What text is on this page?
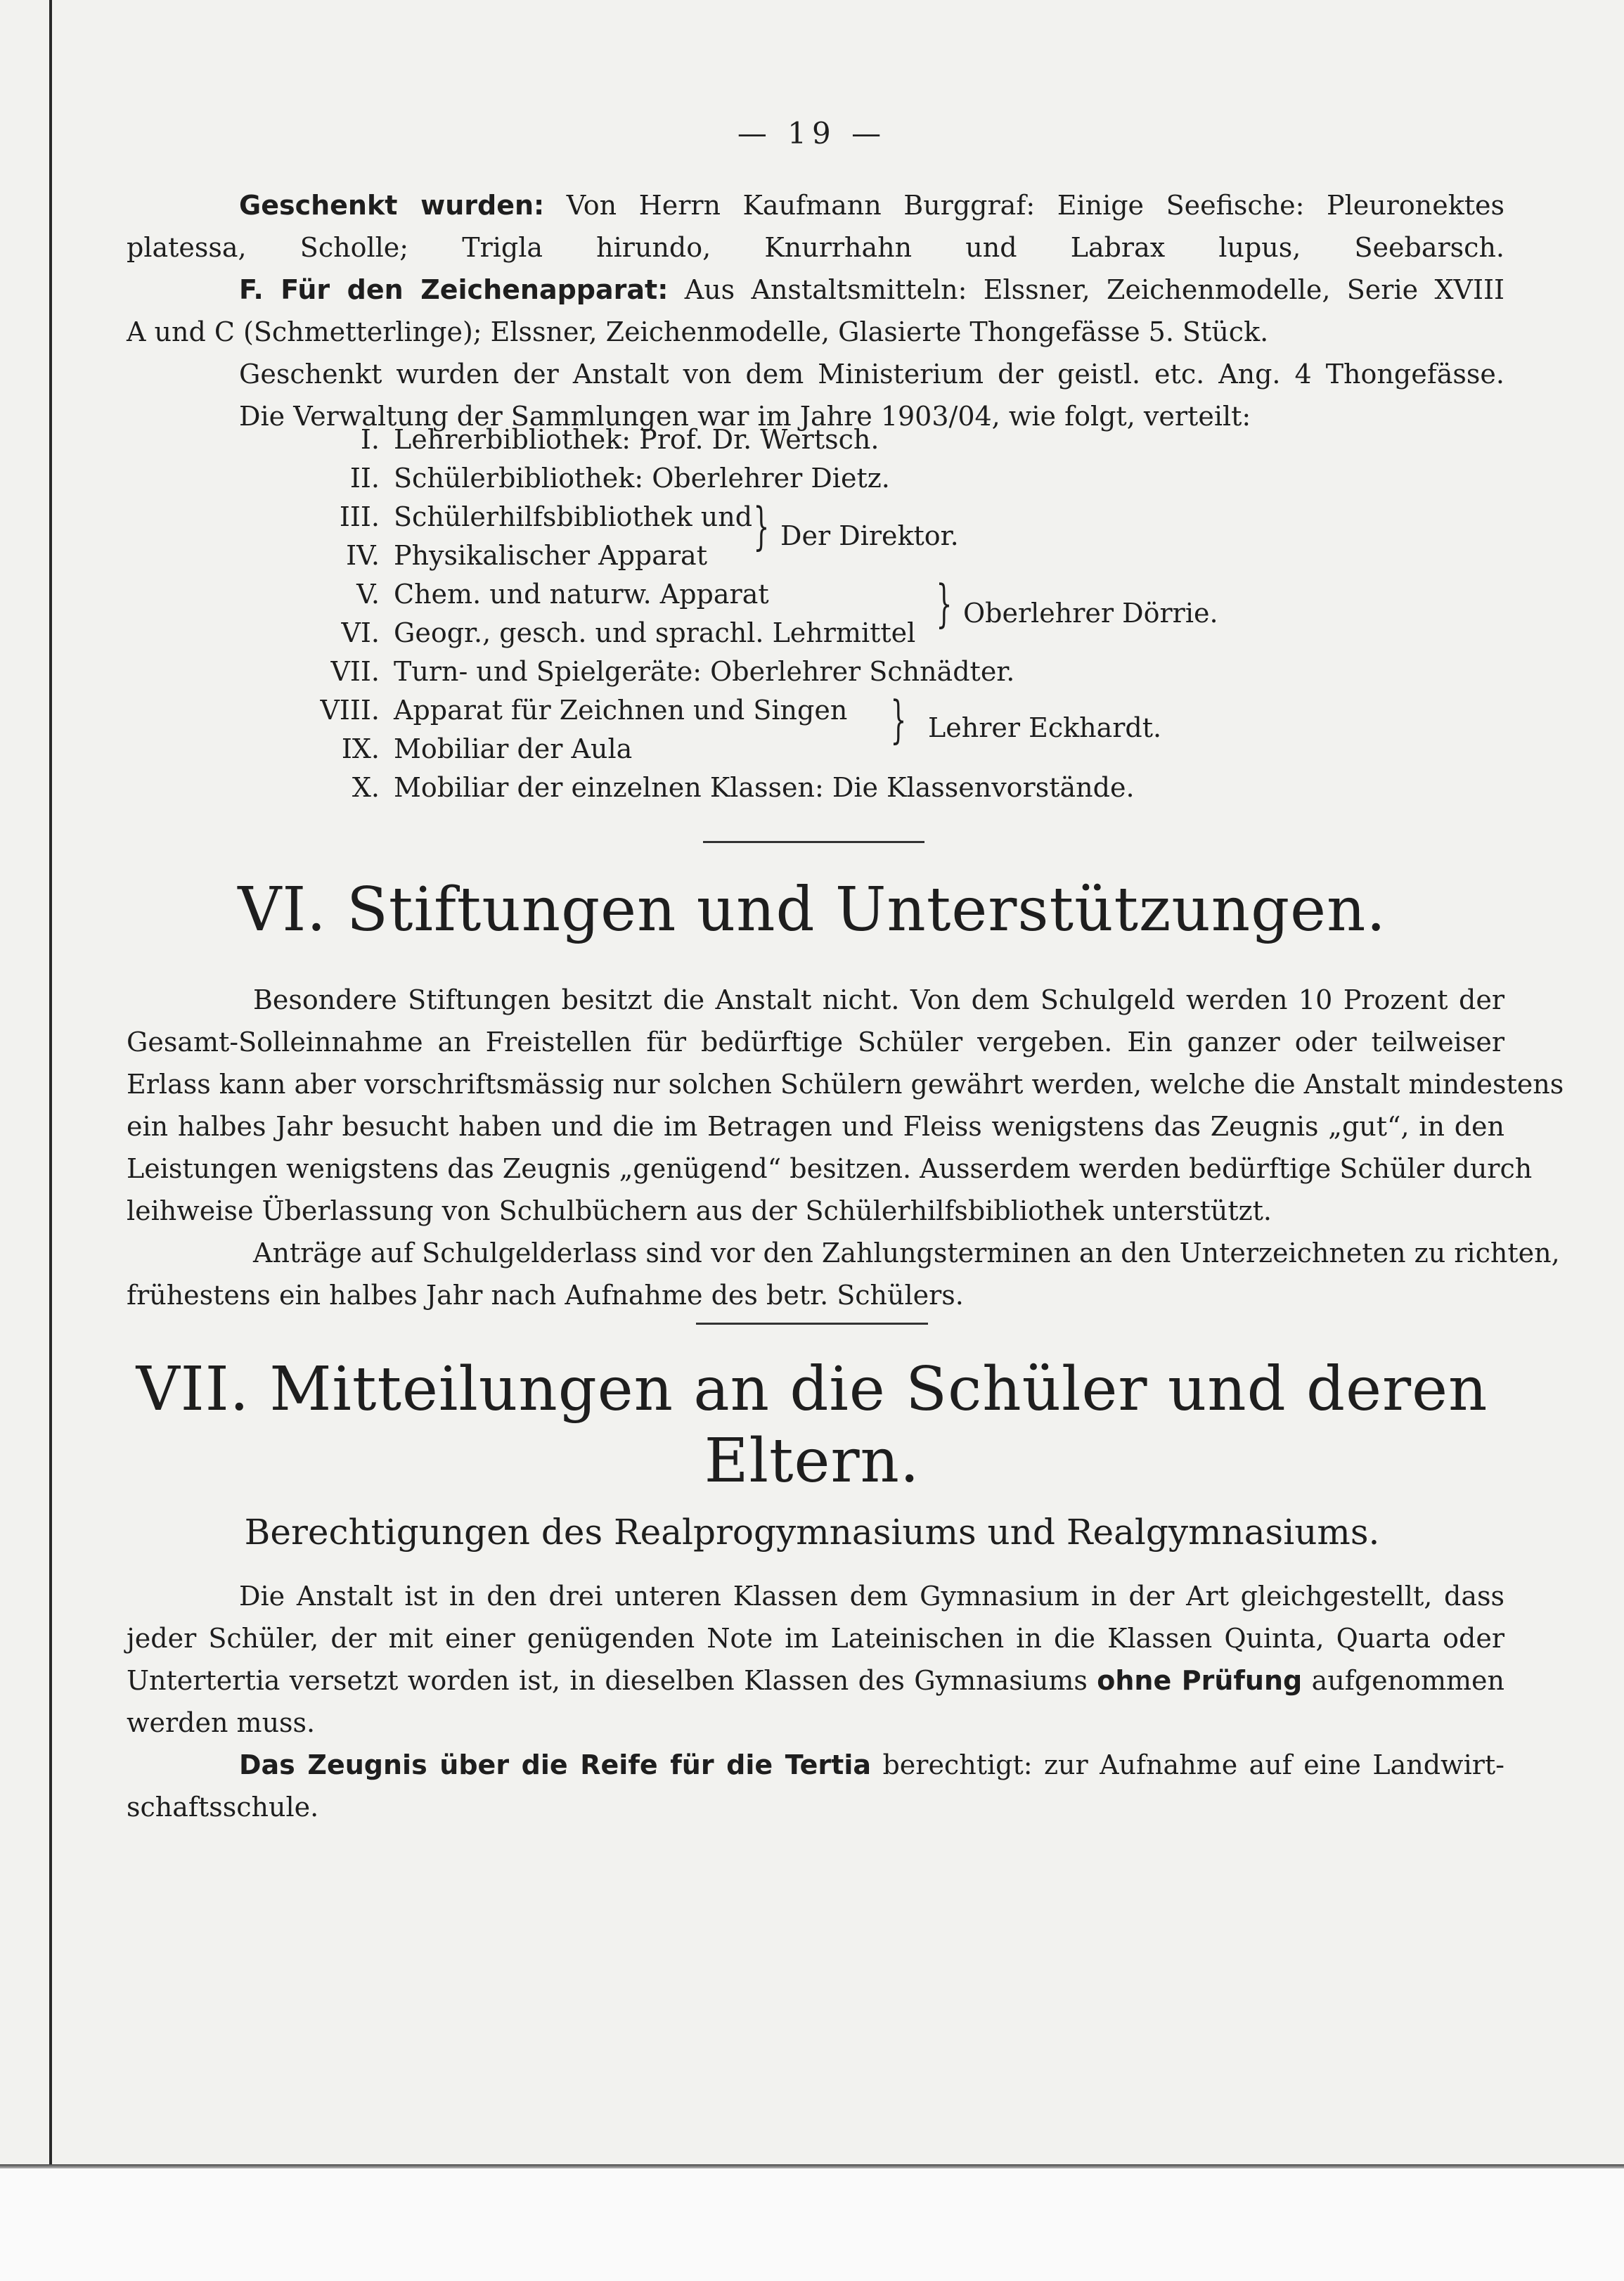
— 19 —
Geschenkt wurden: Von Herrn Kaufmann Burggraf: Einige Seefische: Pleuronektes
platessa, Scholle; Trigla hirundo, Knurrhahn und Labrax lupus, Seebarsch.
F. Für den Zeichenapparat: Aus Anstaltsmitteln: Elssner, Zeichenmodelle, Serie XVIII
A und C (Schmetterlinge); Elssner, Zeichenmodelle, Glasierte Thongefässe 5. Stück.
Geschenkt wurden der Anstalt von dem Ministerium der geistl. etc. Ang. 4 Thongefässe.
Die Verwaltung der Sammlungen war im Jahre 1903/04, wie folgt, verteilt:
I. Lehrerbibliothek: Prof. Dr. Wertsch.
II. Schülerbibliothek: Oberlehrer Dietz.
III. Schülerhilfsbibliothek und
IV. Physikalischer Apparat } Der Direktor.
V. Chem. und naturw. Apparat
VI. Geogr., gesch. und sprachl. Lehrmittel } Oberlehrer Dörrie.
VII. Turn- und Spielgeräte: Oberlehrer Schnädter.
VIII. Apparat für Zeichnen und Singen
IX. Mobiliar der Aula	} Lehrer Eckhardt.
X. Mobiliar der einzelnen Klassen: Die Klassenvorstände.
VI. Stiftungen und Unterstützungen.
Besondere Stiftungen besitzt die Anstalt nicht. Von dem Schulgeld werden 10 Prozent der
Gesamt-Solleinnahme an Freistellen für bedürftige Schüler vergeben. Ein ganzer oder teilweiser
Erlass kann aber vorschriftsmässig nur solchen Schülern gewährt werden, welche die Anstalt mindestens
ein halbes Jahr besucht haben und die im Betragen und Fleiss wenigstens das Zeugnis „gut“, in den
Leistungen wenigstens das Zeugnis „genügend“ besitzen. Ausserdem werden bedürftige Schüler durch
leihweise Überlassung von Schulbüchern aus der Schülerhilfsbibliothek unterstützt.
Anträge auf Schulgelderlass sind vor den Zahlungsterminen an den Unterzeichneten zu richten,
frühestens ein halbes Jahr nach Aufnahme des betr. Schülers.
VII. Mitteilungen an die Schüler und deren
Eltern.
Berechtigungen des Realprogymnasiums und Realgymnasiums.
Die Anstalt ist in den drei unteren Klassen dem Gymnasium in der Art gleichgestellt, dass
jeder Schüler, der mit einer genügenden Note im Lateinischen in die Klassen Quinta, Quarta oder
Untertertia versetzt worden ist, in dieselben Klassen des Gymnasiums ohne Prüfung aufgenommen
werden muss.
Das Zeugnis über die Reife für die Tertia berechtigt: zur Aufnahme auf eine Landwirt-
schaftsschule.
